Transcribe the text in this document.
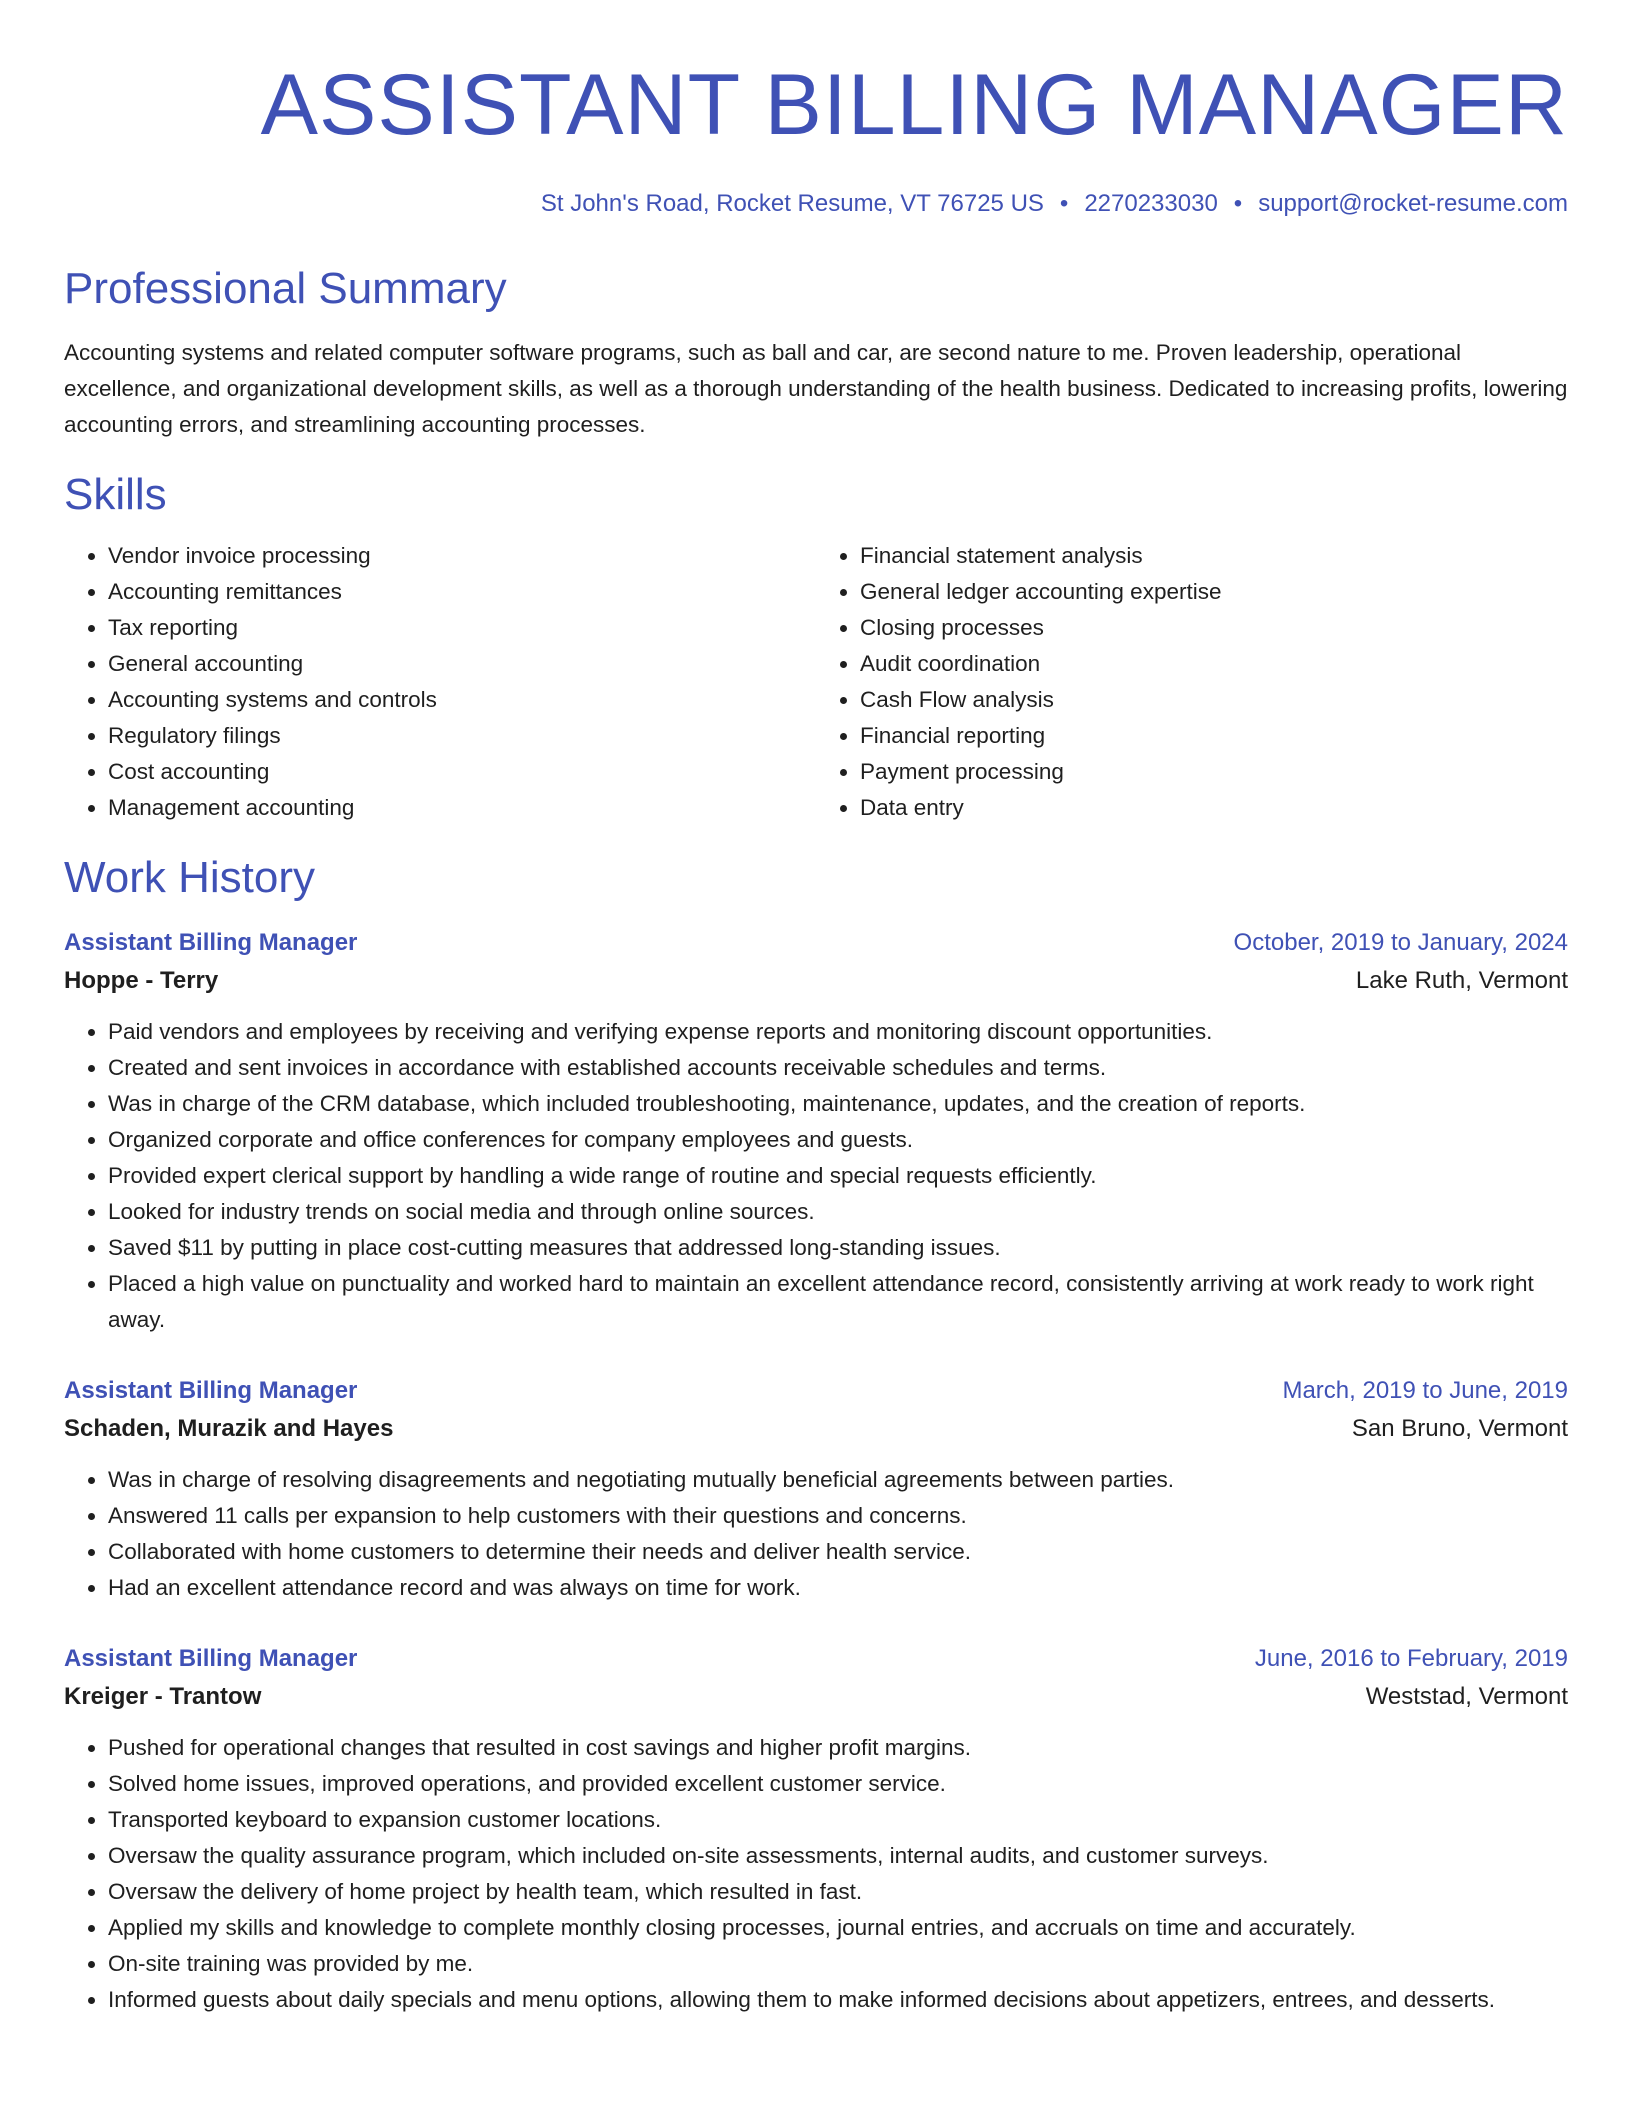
ASSISTANT BILLING MANAGER
St John's Road, Rocket Resume, VT 76725 US • 2270233030 • support@rocket-resume.com
Professional Summary

Accounting systems and related computer software programs, such as ball and car, are second nature to me. Proven leadership, operational excellence, and organizational development skills, as well as a thorough understanding of the health business. Dedicated to increasing profits, lowering accounting errors, and streamlining accounting processes.

Skills
• Vendor invoice processing
• Accounting remittances
• Tax reporting
• General accounting
• Accounting systems and controls
• Regulatory filings
• Cost accounting
• Management accounting
• Financial statement analysis
• General ledger accounting expertise
• Closing processes
• Audit coordination
• Cash Flow analysis
• Financial reporting
• Payment processing
• Data entry
Work History
Assistant Billing Manager	October, 2019 to January, 2024
Hoppe - Terry	Lake Ruth, Vermont
• Paid vendors and employees by receiving and verifying expense reports and monitoring discount opportunities.
• Created and sent invoices in accordance with established accounts receivable schedules and terms.
• Was in charge of the CRM database, which included troubleshooting, maintenance, updates, and the creation of reports.
• Organized corporate and office conferences for company employees and guests.
• Provided expert clerical support by handling a wide range of routine and special requests efficiently.
• Looked for industry trends on social media and through online sources.
• Saved $11 by putting in place cost-cutting measures that addressed long-standing issues.
• Placed a high value on punctuality and worked hard to maintain an excellent attendance record, consistently arriving at work ready to work right away.
Assistant Billing Manager	March, 2019 to June, 2019
Schaden, Murazik and Hayes	San Bruno, Vermont
• Was in charge of resolving disagreements and negotiating mutually beneficial agreements between parties.
• Answered 11 calls per expansion to help customers with their questions and concerns.
• Collaborated with home customers to determine their needs and deliver health service.
• Had an excellent attendance record and was always on time for work.
Assistant Billing Manager	June, 2016 to February, 2019
Kreiger - Trantow	Weststad, Vermont
• Pushed for operational changes that resulted in cost savings and higher profit margins.
• Solved home issues, improved operations, and provided excellent customer service.
• Transported keyboard to expansion customer locations.
• Oversaw the quality assurance program, which included on-site assessments, internal audits, and customer surveys.
• Oversaw the delivery of home project by health team, which resulted in fast.
• Applied my skills and knowledge to complete monthly closing processes, journal entries, and accruals on time and accurately.
• On-site training was provided by me.
• Informed guests about daily specials and menu options, allowing them to make informed decisions about appetizers, entrees, and desserts.
